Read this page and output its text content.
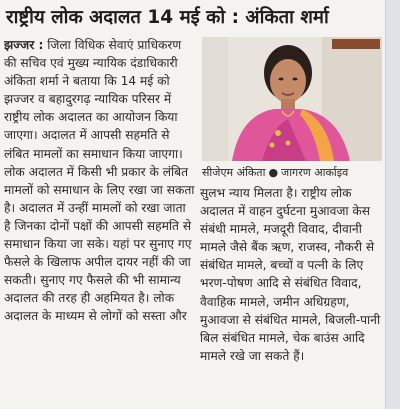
राष्ट्रीय लोक अदालत 14 मई को : अंकिता शर्मा

झज्जर : जिला विधिक सेवाएं प्राधिकरण की सचिव एवं मुख्य न्यायिक दंडाधिकारी अंकिता शर्मा ने बताया कि 14 मई को झज्जर व बहादुरगढ़ न्यायिक परिसर में राष्ट्रीय लोक अदालत का आयोजन किया जाएगा। अदालत में आपसी सहमति से लंबित मामलों का समाधान किया जाएगा। लोक अदालत में किसी भी प्रकार के लंबित मामलों को समाधान के लिए रखा जा सकता है। अदालत में उन्हीं मामलों को रखा जाता है जिनका दोनों पक्षों की आपसी सहमति से समाधान किया जा सके। यहां पर सुनाए गए फैसले के खिलाफ अपील दायर नहीं की जा सकती। सुनाए गए फैसले की भी सामान्य अदालत की तरह ही अहमियत है। लोक अदालत के माध्यम से लोगों को सस्ता और

सीजेएम अंकिता ● जागरण आर्काइव

सुलभ न्याय मिलता है। राष्ट्रीय लोक अदालत में वाहन दुर्घटना मुआवजा केस संबंधी मामले, मजदूरी विवाद, दीवानी मामले जैसे बैंक ऋण, राजस्व, नौकरी से संबंधित मामले, बच्चों व पत्नी के लिए भरण-पोषण आदि से संबंधित विवाद, वैवाहिक मामले, जमीन अधिग्रहण, मुआवजा से संबंधित मामले, बिजली-पानी बिल संबंधित मामले, चेक बाउंस आदि मामले रखे जा सकते हैं।
